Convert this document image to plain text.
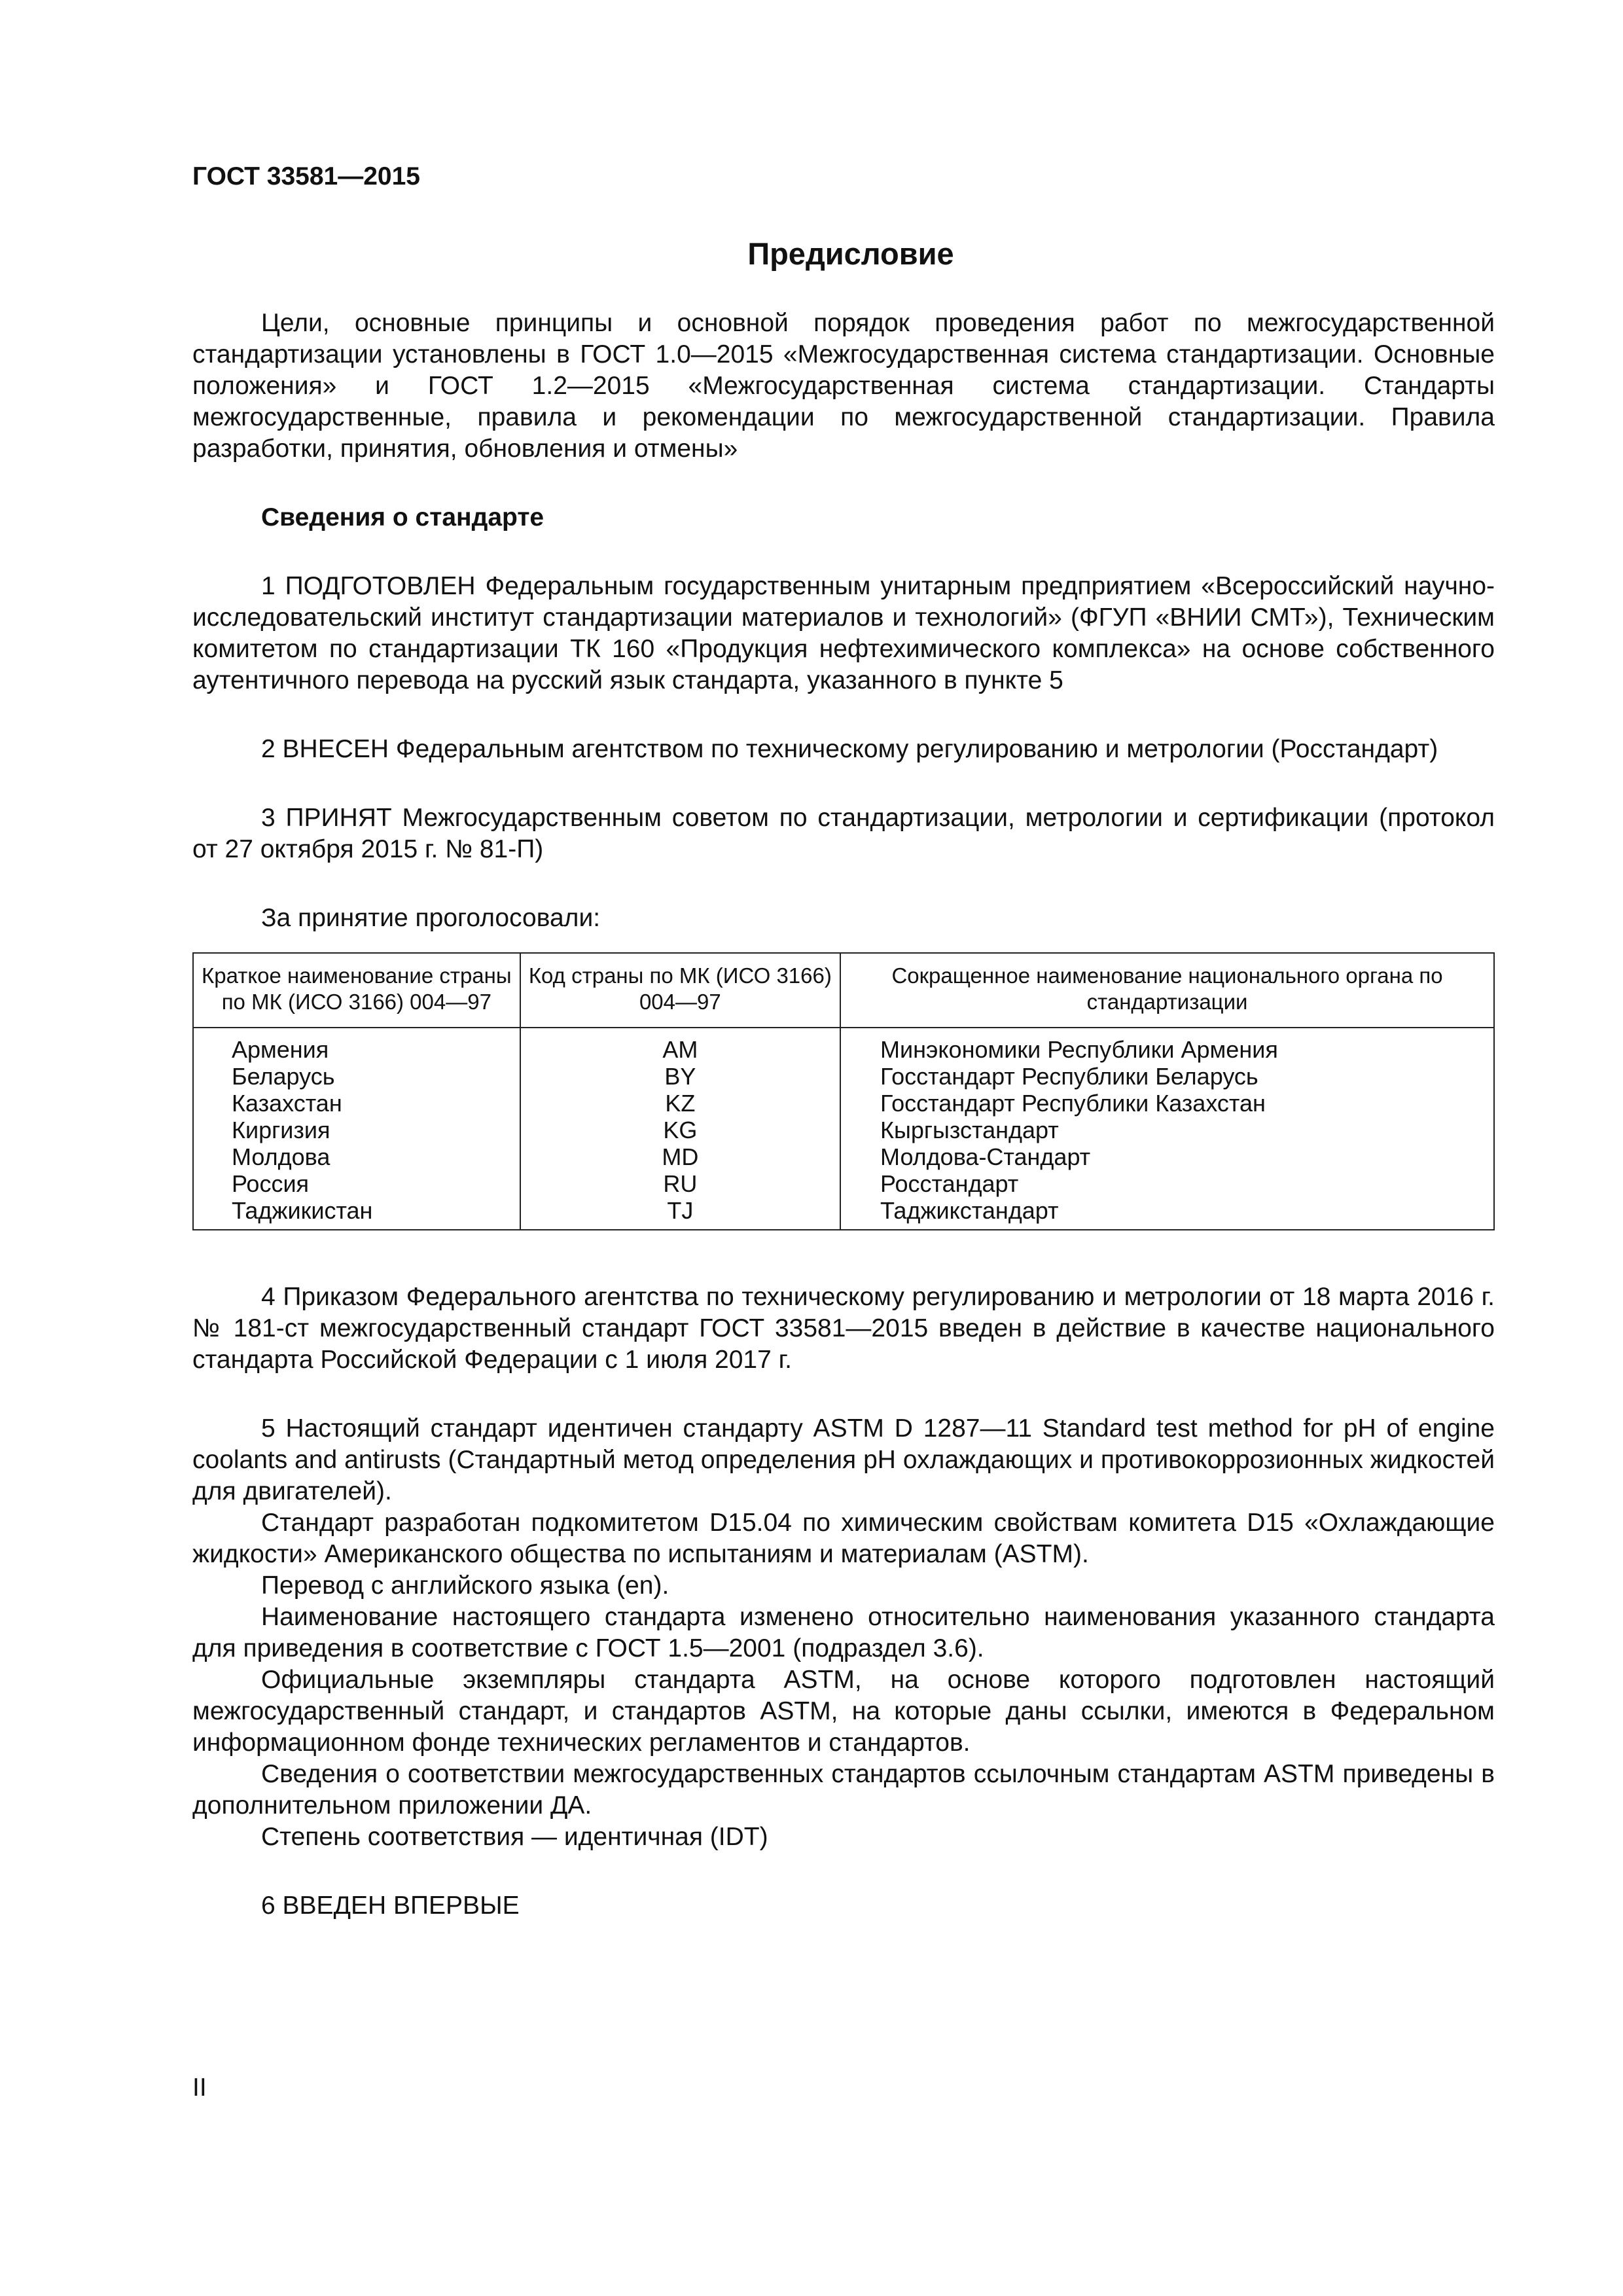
ГОСТ 33581—2015
Предисловие

Цели, основные принципы и основной порядок проведения работ по межгосударственной стандартизации установлены в ГОСТ 1.0—2015 «Межгосударственная система стандартизации. Основные положения» и ГОСТ 1.2—2015 «Межгосударственная система стандартизации. Стандарты межгосударственные, правила и рекомендации по межгосударственной стандартизации. Правила разработки, принятия, обновления и отмены»

Сведения о стандарте

1 ПОДГОТОВЛЕН Федеральным государственным унитарным предприятием «Всероссийский научно-исследовательский институт стандартизации материалов и технологий» (ФГУП «ВНИИ СМТ»), Техническим комитетом по стандартизации ТК 160 «Продукция нефтехимического комплекса» на основе собственного аутентичного перевода на русский язык стандарта, указанного в пункте 5

2 ВНЕСЕН Федеральным агентством по техническому регулированию и метрологии (Росстандарт)

3 ПРИНЯТ Межгосударственным советом по стандартизации, метрологии и сертификации (протокол от 27 октября 2015 г. № 81-П)

За принятие проголосовали:

Краткое наименование страны по МК (ИСО 3166) 004—97	Код страны по МК (ИСО 3166) 004—97	Сокращенное наименование национального органа по стандартизации
Армения	AM	Минэкономики Республики Армения
Беларусь	BY	Госстандарт Республики Беларусь
Казахстан	KZ	Госстандарт Республики Казахстан
Киргизия	KG	Кыргызстандарт
Молдова	MD	Молдова-Стандарт
Россия	RU	Росстандарт
Таджикистан	TJ	Таджикстандарт

4 Приказом Федерального агентства по техническому регулированию и метрологии от 18 марта 2016 г. № 181-ст межгосударственный стандарт ГОСТ 33581—2015 введен в действие в качестве национального стандарта Российской Федерации с 1 июля 2017 г.

5 Настоящий стандарт идентичен стандарту ASTM D 1287—11 Standard test method for pH of engine coolants and antirusts (Стандартный метод определения pH охлаждающих и противокоррозионных жидкостей для двигателей).

Стандарт разработан подкомитетом D15.04 по химическим свойствам комитета D15 «Охлаждающие жидкости» Американского общества по испытаниям и материалам (ASTM).

Перевод с английского языка (en).

Наименование настоящего стандарта изменено относительно наименования указанного стандарта для приведения в соответствие с ГОСТ 1.5—2001 (подраздел 3.6).

Официальные экземпляры стандарта ASTM, на основе которого подготовлен настоящий межгосударственный стандарт, и стандартов ASTM, на которые даны ссылки, имеются в Федеральном информационном фонде технических регламентов и стандартов.

Сведения о соответствии межгосударственных стандартов ссылочным стандартам ASTM приведены в дополнительном приложении ДА.

Степень соответствия — идентичная (IDT)

6 ВВЕДЕН ВПЕРВЫЕ

II
